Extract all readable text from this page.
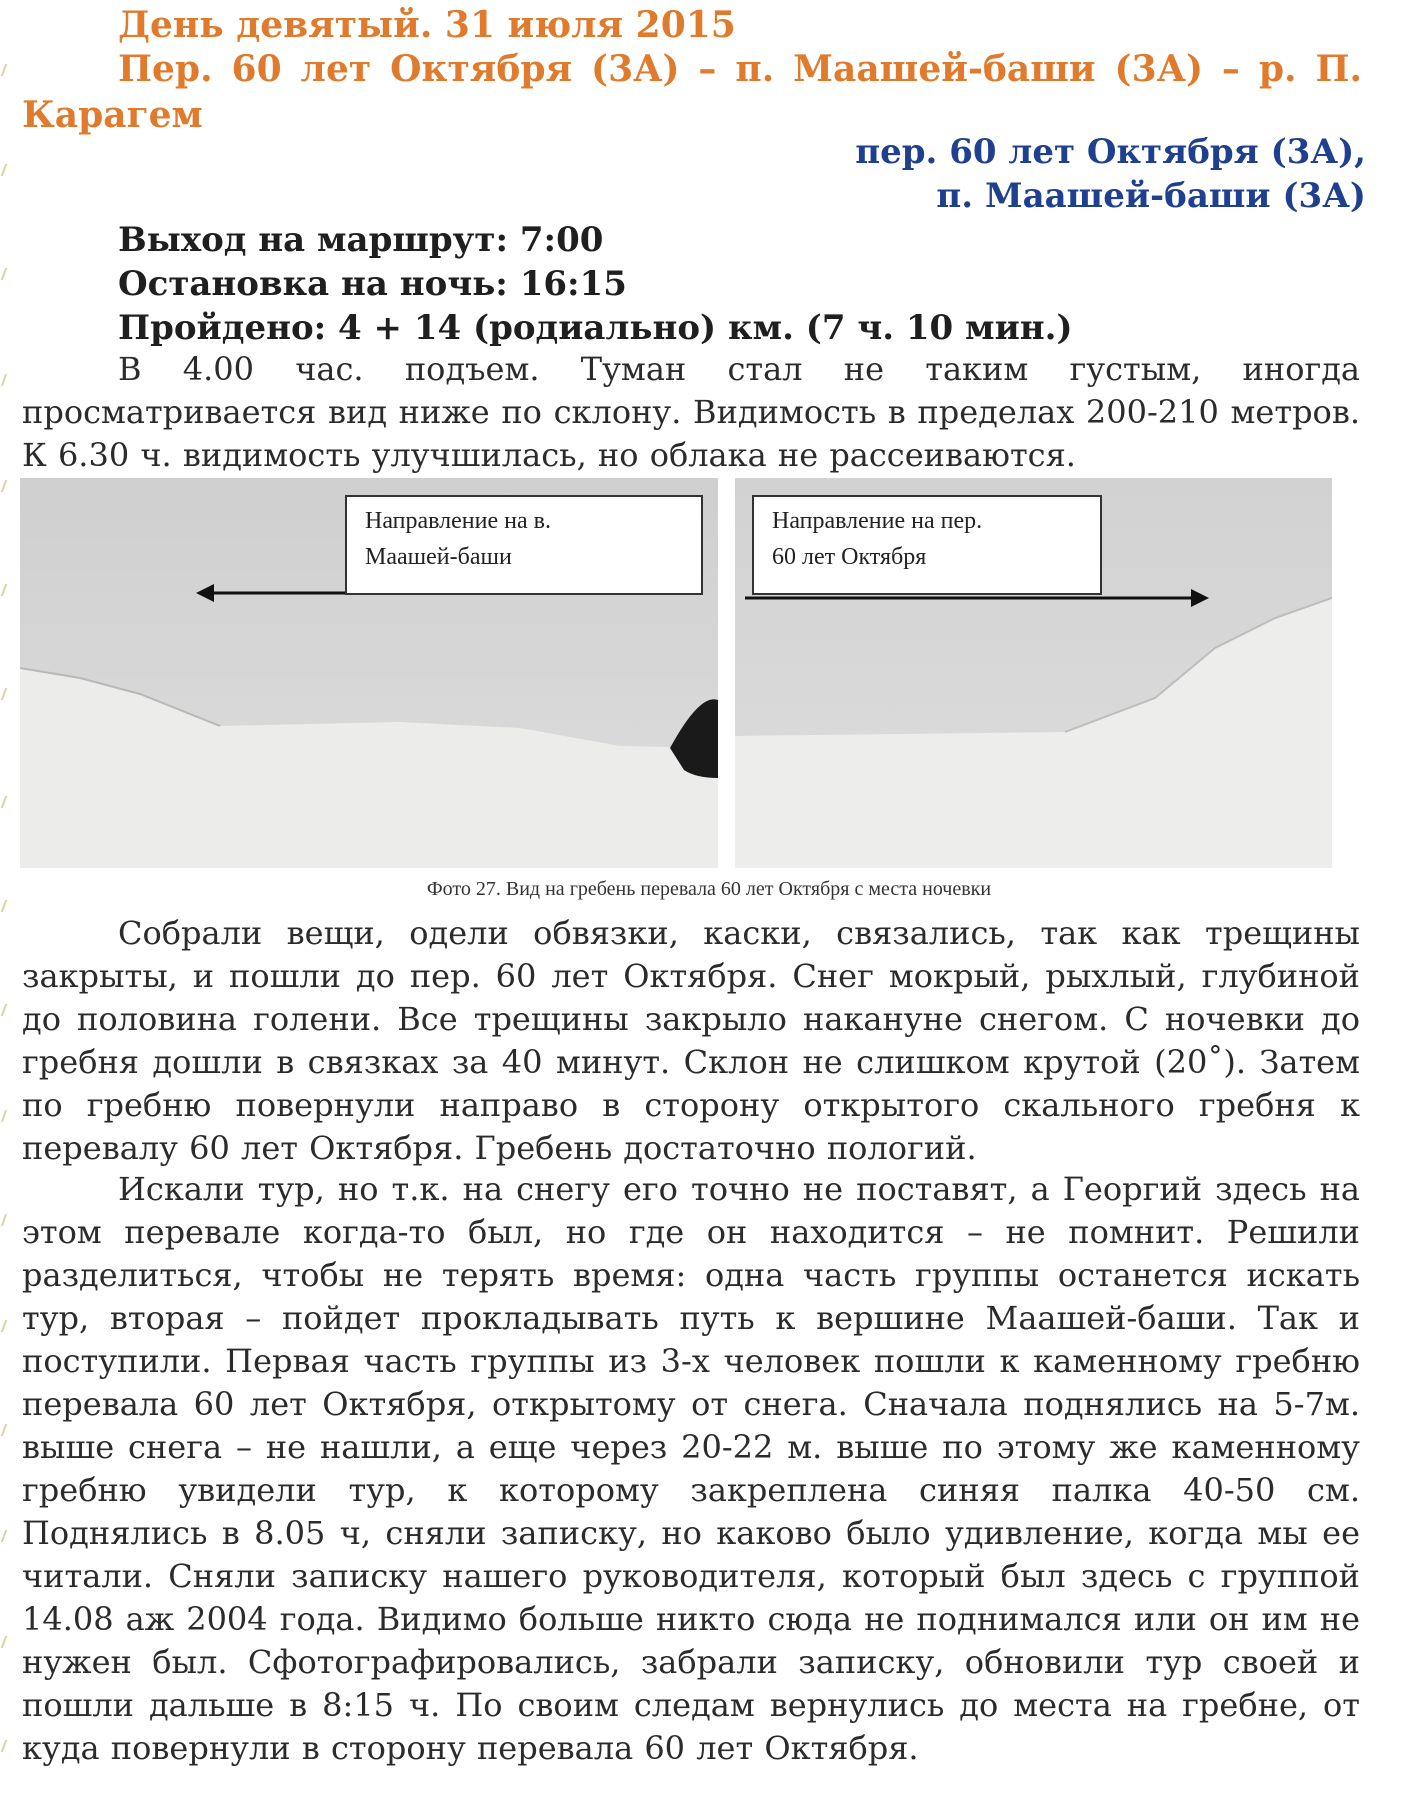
День девятый. 31 июля 2015
Пер. 60 лет Октября (3А) – п. Маашей-баши (3А) – р. П. Карагем
пер. 60 лет Октября (3А),
п. Маашей-баши (3А)
Выход на маршрут: 7:00
Остановка на ночь: 16:15
Пройдено: 4 + 14 (родиально) км. (7 ч. 10 мин.)

В 4.00 час. подъем. Туман стал не таким густым, иногда просматривается вид ниже по склону. Видимость в пределах 200-210 метров. К 6.30 ч. видимость улучшилась, но облака не рассеиваются.

Направление на в.
Маашей-баши
Направление на пер.
60 лет Октября
Фото 27. Вид на гребень перевала 60 лет Октября с места ночевки

Собрали вещи, одели обвязки, каски, связались, так как трещины закрыты, и пошли до пер. 60 лет Октября. Снег мокрый, рыхлый, глубиной до половина голени. Все трещины закрыло накануне снегом. С ночевки до гребня дошли в связках за 40 минут. Склон не слишком крутой (20˚). Затем по гребню повернули направо в сторону открытого скального гребня к перевалу 60 лет Октября. Гребень достаточно пологий.

Искали тур, но т.к. на снегу его точно не поставят, а Георгий здесь на этом перевале когда-то был, но где он находится – не помнит. Решили разделиться, чтобы не терять время: одна часть группы останется искать тур, вторая – пойдет прокладывать путь к вершине Маашей-баши. Так и поступили. Первая часть группы из 3-х человек пошли к каменному гребню перевала 60 лет Октября, открытому от снега. Сначала поднялись на 5-7м. выше снега – не нашли, а еще через 20-22 м. выше по этому же каменному гребню увидели тур, к которому закреплена синяя палка 40-50 см. Поднялись в 8.05 ч, сняли записку, но каково было удивление, когда мы ее читали. Сняли записку нашего руководителя, который был здесь с группой 14.08 аж 2004 года. Видимо больше никто сюда не поднимался или он им не нужен был. Сфотографировались, забрали записку, обновили тур своей и пошли дальше в 8:15 ч. По своим следам вернулись до места на гребне, от куда повернули в сторону перевала 60 лет Октября.
